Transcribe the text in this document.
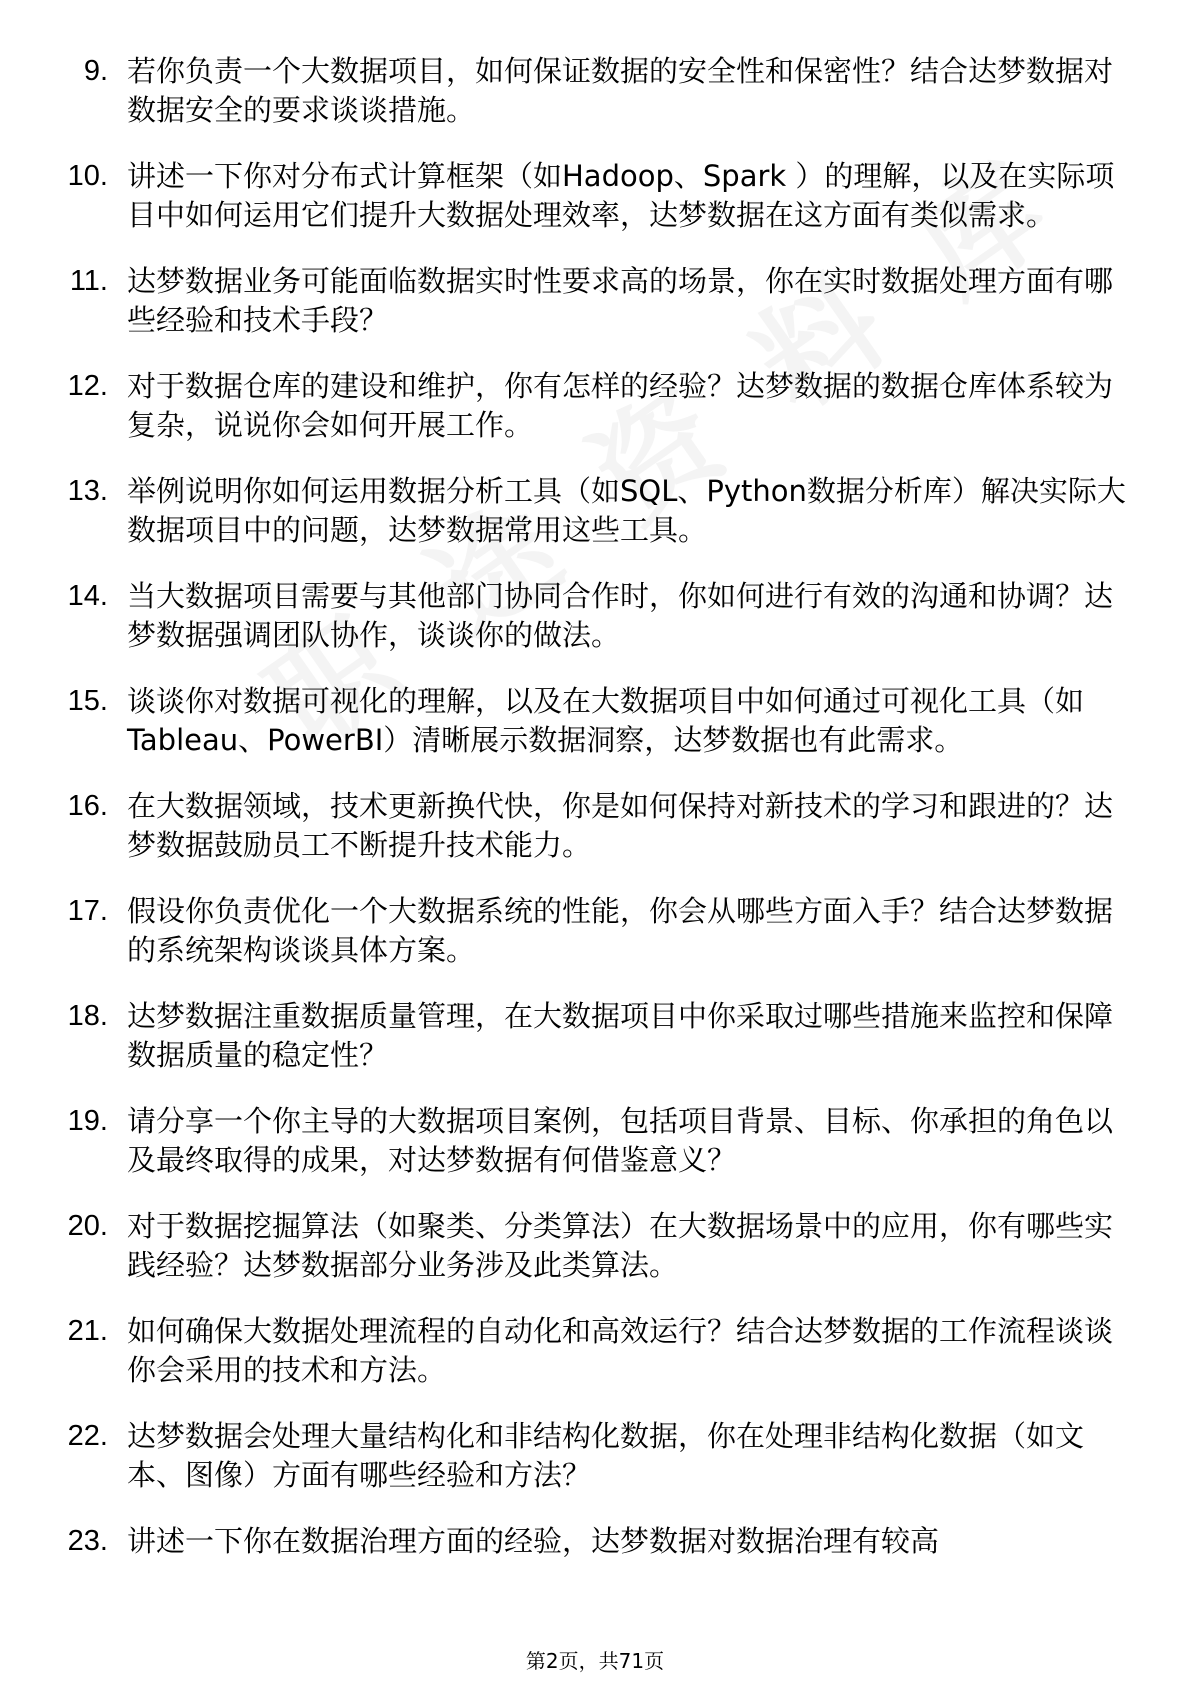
9. 若你负责一个大数据项目，如何保证数据的安全性和保密性？结合达梦数据对数据安全的要求谈谈措施。
10. 讲述一下你对分布式计算框架（如Hadoop、Spark ）的理解，以及在实际项目中如何运用它们提升大数据处理效率，达梦数据在这方面有类似需求。
11. 达梦数据业务可能面临数据实时性要求高的场景，你在实时数据处理方面有哪些经验和技术手段？
12. 对于数据仓库的建设和维护，你有怎样的经验？达梦数据的数据仓库体系较为复杂，说说你会如何开展工作。
13. 举例说明你如何运用数据分析工具（如SQL、Python数据分析库）解决实际大数据项目中的问题，达梦数据常用这些工具。
14. 当大数据项目需要与其他部门协同合作时，你如何进行有效的沟通和协调？达梦数据强调团队协作，谈谈你的做法。
15. 谈谈你对数据可视化的理解，以及在大数据项目中如何通过可视化工具（如Tableau、PowerBI）清晰展示数据洞察，达梦数据也有此需求。
16. 在大数据领域，技术更新换代快，你是如何保持对新技术的学习和跟进的？达梦数据鼓励员工不断提升技术能力。
17. 假设你负责优化一个大数据系统的性能，你会从哪些方面入手？结合达梦数据的系统架构谈谈具体方案。
18. 达梦数据注重数据质量管理，在大数据项目中你采取过哪些措施来监控和保障数据质量的稳定性？
19. 请分享一个你主导的大数据项目案例，包括项目背景、目标、你承担的角色以及最终取得的成果，对达梦数据有何借鉴意义？
20. 对于数据挖掘算法（如聚类、分类算法）在大数据场景中的应用，你有哪些实践经验？达梦数据部分业务涉及此类算法。
21. 如何确保大数据处理流程的自动化和高效运行？结合达梦数据的工作流程谈谈你会采用的技术和方法。
22. 达梦数据会处理大量结构化和非结构化数据，你在处理非结构化数据（如文本、图像）方面有哪些经验和方法？
23. 讲述一下你在数据治理方面的经验，达梦数据对数据治理有较高
第2页，共71页
